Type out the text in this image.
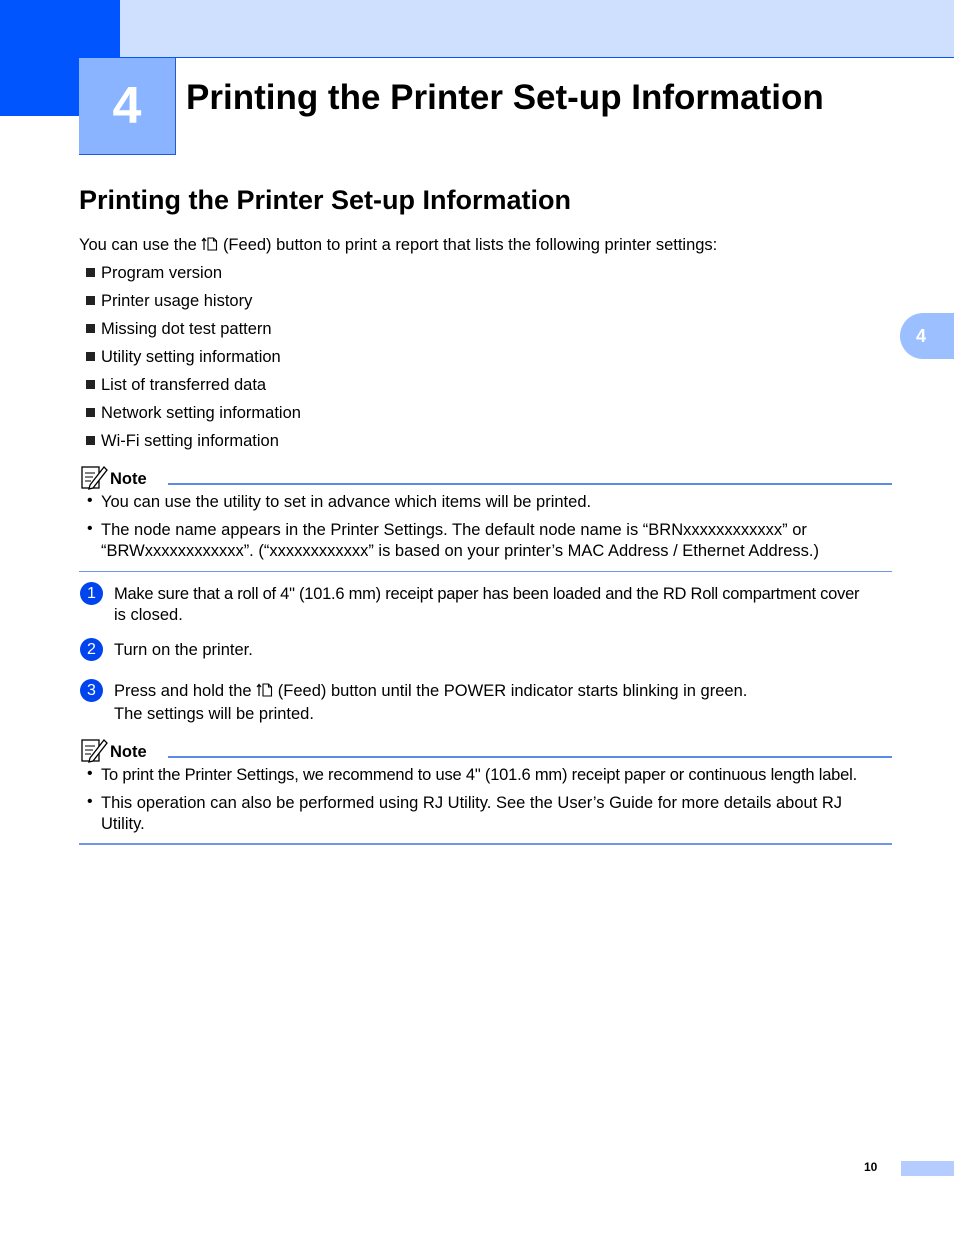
4 Printing the Printer Set-up Information
Printing the Printer Set-up Information
4
You can use the (Feed) button to print a report that lists the following printer settings:
Program version
Printer usage history
Missing dot test pattern
Utility setting information
List of transferred data
Network setting information
Wi-Fi setting information
Note
• You can use the utility to set in advance which items will be printed.
• The node name appears in the Printer Settings. The default node name is “BRNxxxxxxxxxxxx” or
“BRWxxxxxxxxxxxx”. (“xxxxxxxxxxxx” is based on your printer’s MAC Address / Ethernet Address.)
1	Make sure that a roll of 4" (101.6 mm) receipt paper has been loaded and the RD Roll compartment cover
is closed.
2	Turn on the printer.
3	Press and hold the (Feed) button until the POWER indicator starts blinking in green.
The settings will be printed.
Note
• To print the Printer Settings, we recommend to use 4" (101.6 mm) receipt paper or continuous length label.
• This operation can also be performed using RJ Utility. See the User’s Guide for more details about RJ
Utility.
10
